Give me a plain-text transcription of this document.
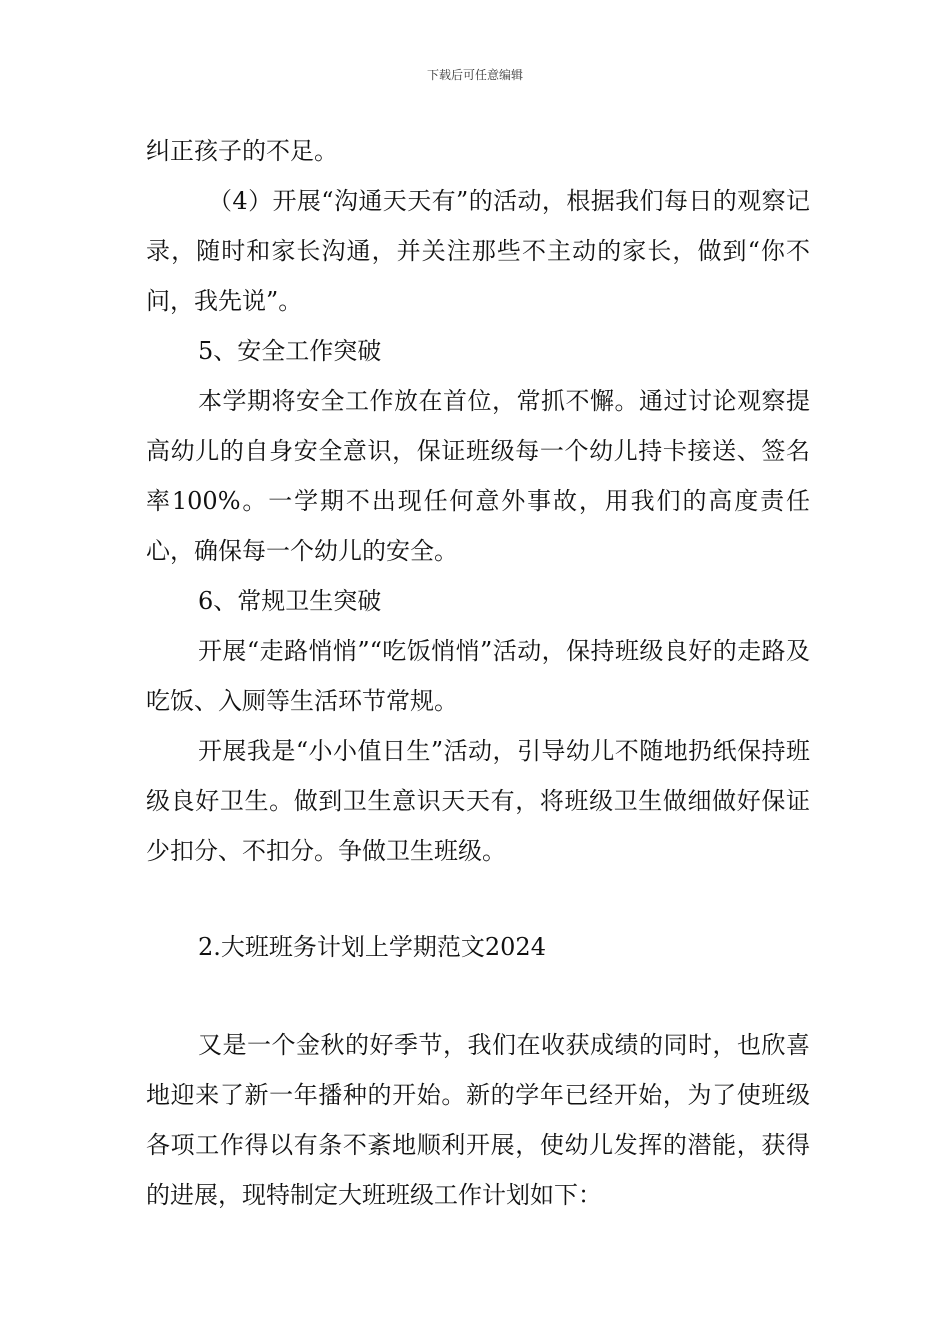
下载后可任意编辑

纠正孩子的不足。

（4）开展“沟通天天有”的活动，根据我们每日的观察记录，随时和家长沟通，并关注那些不主动的家长，做到“你不问，我先说”。

5、安全工作突破

本学期将安全工作放在首位，常抓不懈。通过讨论观察提高幼儿的自身安全意识，保证班级每一个幼儿持卡接送、签名率100%。一学期不出现任何意外事故，用我们的高度责任心，确保每一个幼儿的安全。

6、常规卫生突破

开展“走路悄悄”“吃饭悄悄”活动，保持班级良好的走路及吃饭、入厕等生活环节常规。

开展我是“小小值日生”活动，引导幼儿不随地扔纸保持班级良好卫生。做到卫生意识天天有，将班级卫生做细做好保证少扣分、不扣分。争做卫生班级。

2.大班班务计划上学期范文2024

又是一个金秋的好季节，我们在收获成绩的同时，也欣喜地迎来了新一年播种的开始。新的学年已经开始，为了使班级各项工作得以有条不紊地顺利开展，使幼儿发挥的潜能，获得的进展，现特制定大班班级工作计划如下：
